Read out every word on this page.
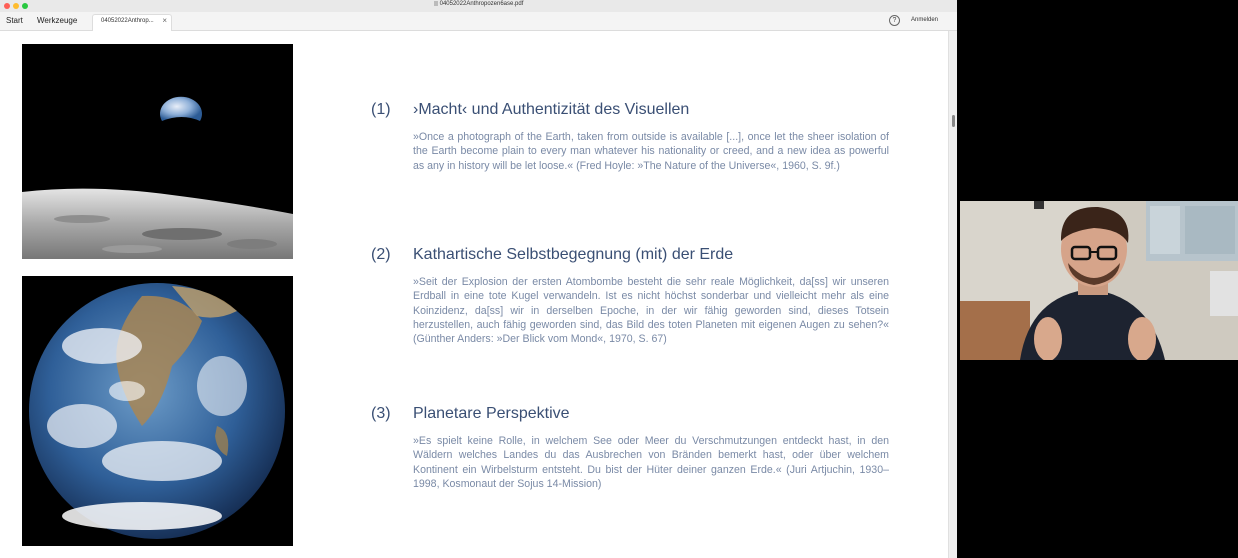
04052022Anthropozen6ase.pdf
Start Werkzeuge	04052022Anthrop... ×	?	Anmelden
(1) ›Macht‹ und Authentizität des Visuellen
»Once a photograph of the Earth, taken from outside is available [...], once let the sheer isolation of the Earth become plain to every man whatever his nationality or creed, and a new idea as powerful as any in history will be let loose.« (Fred Hoyle: »The Nature of the Universe«, 1960, S. 9f.)
(2) Kathartische Selbstbegegnung (mit) der Erde
»Seit der Explosion der ersten Atombombe besteht die sehr reale Möglichkeit, da[ss] wir unseren Erdball in eine tote Kugel verwandeln. Ist es nicht höchst sonderbar und vielleicht mehr als eine Koinzidenz, da[ss] wir in derselben Epoche, in der wir fähig geworden sind, dieses Totsein herzustellen, auch fähig geworden sind, das Bild des toten Planeten mit eigenen Augen zu sehen?« (Günther Anders: »Der Blick vom Mond«, 1970, S. 67)
(3) Planetare Perspektive
»Es spielt keine Rolle, in welchem See oder Meer du Verschmutzungen entdeckt hast, in den Wäldern welches Landes du das Ausbrechen von Bränden bemerkt hast, oder über welchem Kontinent ein Wirbelsturm entsteht. Du bist der Hüter deiner ganzen Erde.« (Juri Artjuchin, 1930–1998, Kosmonaut der Sojus 14-Mission)
